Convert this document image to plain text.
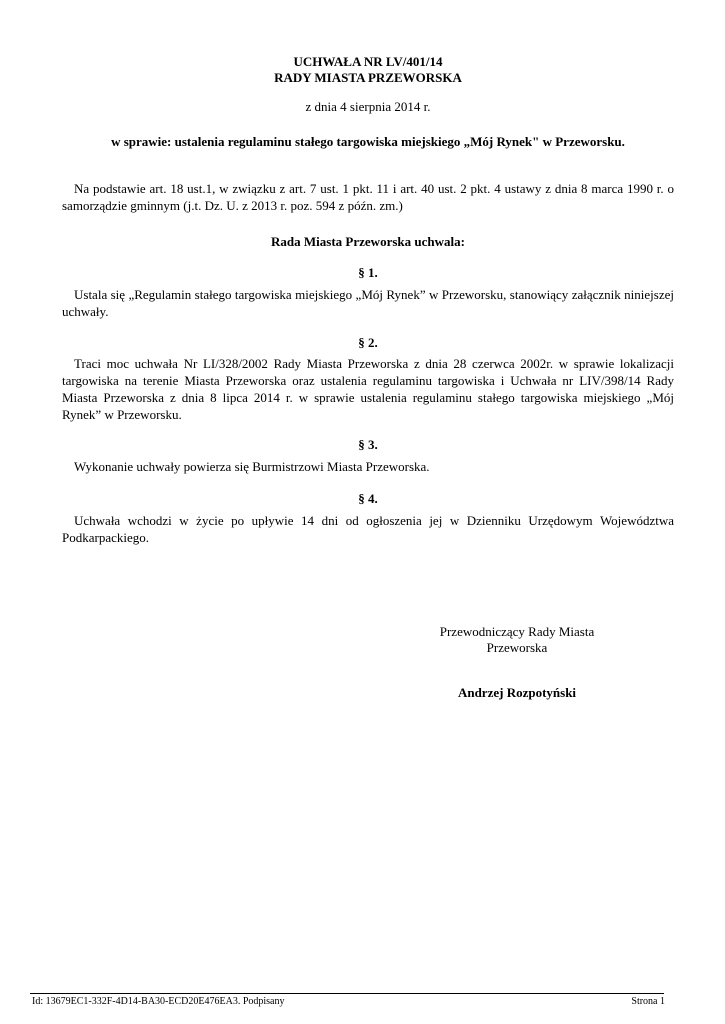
UCHWAŁA NR LV/401/14
RADY MIASTA PRZEWORSKA
z dnia 4 sierpnia 2014 r.
w sprawie: ustalenia regulaminu stałego targowiska miejskiego „Mój Rynek" w Przeworsku.
Na podstawie art. 18 ust.1, w związku z art. 7 ust. 1 pkt. 11 i art. 40 ust. 2 pkt. 4 ustawy z dnia 8 marca 1990 r. o samorządzie gminnym (j.t. Dz. U. z 2013 r. poz. 594 z późn. zm.)
Rada Miasta Przeworska uchwala:
§ 1.
Ustala się „Regulamin stałego targowiska miejskiego „Mój Rynek” w Przeworsku, stanowiący załącznik niniejszej uchwały.
§ 2.
Traci moc uchwała Nr LI/328/2002 Rady Miasta Przeworska z dnia 28 czerwca 2002r. w sprawie lokalizacji targowiska na terenie Miasta Przeworska oraz ustalenia regulaminu targowiska i Uchwała nr LIV/398/14 Rady Miasta Przeworska z dnia 8 lipca 2014 r. w sprawie ustalenia regulaminu stałego targowiska miejskiego „Mój Rynek” w Przeworsku.
§ 3.
Wykonanie uchwały powierza się Burmistrzowi Miasta Przeworska.
§ 4.
Uchwała wchodzi w życie po upływie 14 dni od ogłoszenia jej w Dzienniku Urzędowym Województwa Podkarpackiego.
Przewodniczący Rady Miasta
Przeworska
Andrzej Rozpotyński
Id: 13679EC1-332F-4D14-BA30-ECD20E476EA3. Podpisany	Strona 1
